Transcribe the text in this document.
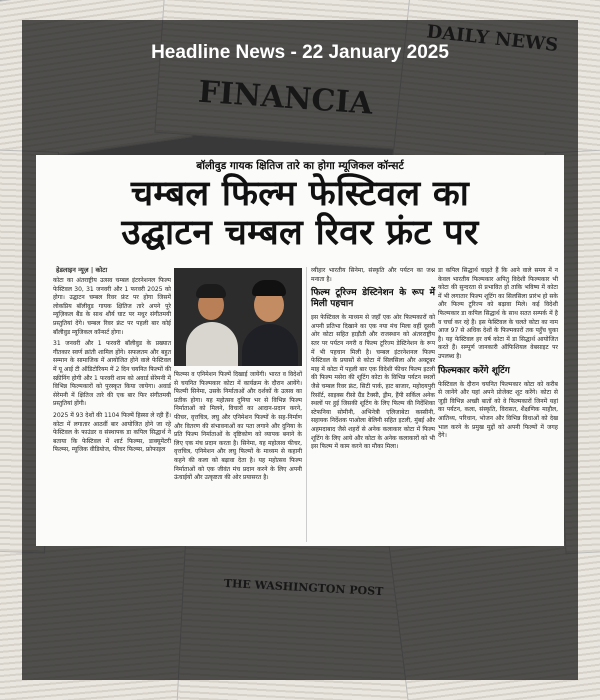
Headline News - 22 January 2025
बॉलीवुड गायक क्षितिज तारे का होगा म्यूजिकल कॉन्सर्ट
चम्बल फिल्म फेस्टिवल का
उद्घाटन चम्बल रिवर फ्रंट पर
हेडलाइन न्यूज़ | कोटा

कोटा का अंतराष्ट्रीय उत्सव चम्बल इंटरनेशनल फिल्म फेस्टिवल 30, 31 जनवरी और 1 फरवरी 2025 को होगा। उद्घाटन चम्बल रिवर फ्रंट पर होगा जिसमें लोकप्रिय बॉलीवुड गायक क्षितिज तारे अपने पूरे म्यूज़िकल बैंड के साथ शौर्य घाट पर मधुर संगीतमयी प्रस्तुतियां देंगे। चम्बल रिवर फ्रंट पर पहली बार कोई बॉलीवुड म्यूजिकल कॉन्सर्ट होगा।

31 जनवरी और 1 फरवरी बॉलीवुड के प्रख्यात गीतकार स्वर्ण क्रांती शामिल होंगे। सफलतम और बहुत सम्मान के सामाजिक में आयोजित होने वाले फेस्टिवल में यू आई टी ऑडिटोरियम में 2 दिन चयनित फिल्मों की स्क्रीनिंग होगी और 1 फरवरी शाम को अवार्ड सेरेमनी में विभिन्न फिल्मकारों को पुरस्कृत किया जायेगा। अवार्ड सेरेमनी में क्षितिज तारे की एक बार फिर संगीतमयी प्रस्तुतियां होंगी।

2025 में 93 देशों की 1104 फिल्में हिस्सा ले रही हैं। कोटा में लगातार आठवीं बार आयोजित होने जा रहे फेस्टिवल के फाउंडर व संस्थापक डा कपिल सिद्धार्थ ने बताया कि फेस्टिवल में शार्ट फिल्म्स, डाक्यूमेंटरी फिल्म्स, म्यूजिक वीडियोज, फीचर फिल्म्स, फ्रोफाइल

फिल्म्स व एनिमेशन फिल्में दिखाई जायेंगी। भारत व विदेशों से चयनित फिल्मकार कोटा में कार्यक्रम के दौरान आयेंगे। फिल्मी सिनेमा, उसके निर्माताओं और दर्शकों के उत्सव का प्रतीक होगा। यह महोत्सव दुनिया भर से विभिन्न फिल्म निर्माताओं को मिलने, विचारों का आदान-प्रदान करने, फीचर, वृत्तचित्र, लघु और एनिमेशन फिल्मों के सह-निर्माण और वितरण की संभावनाओं का पता लगाने और दुनिया के प्रति फिल्म निर्माताओं के दृष्टिकोण को व्यापक बनाने के लिए एक मंच प्रदान करता है। सिनेमा, यह महोत्सव फीचर, वृत्तचित्र, एनिमेशन और लघु फिल्मों के माध्यम से कहानी कहने की कला को बढ़ावा देता है। यह महोत्सव फिल्म निर्माताओं को एक जीवंत मंच प्रदान करने के लिए अपनी ऊंचाईयों और उत्कृष्टता की ओर प्रयासरत है।

व्यीहार भारतीय सिनेमा, संस्कृति और पर्यटन का जश्न मनाता है।

फिल्म टूरिज्म डेस्टिनेशन के रूप में मिली पहचान

इस फेस्टिवल के माध्यम से जहाँ एक ओर फिल्मकारों को अपनी प्रतिभा दिखाने का एक नया मंच मिला वहीं दूसरी ओर कोटा सहित हाड़ौती और राजस्थान को अंतरराष्ट्रीय स्तर पर पर्यटन नगरी व फिल्म टूरिज्म डेस्टिनेशन के रूप में भी पहचान मिली है। चम्बल इंटरनेशनल फिल्म फेस्टिवल के प्रयासों से कोटा में सिलसिला और अक्टूबर माह में कोटा में पहली बार एक विदेशी फीचर फिल्म इटली की फिल्म मसेरा की शूटिंग कोटा के विभिन्न पर्यटन स्थलों जैसे चम्बल रिवर फ्रंट, सिटी पार्क, हाट बाजार, महोदयपुरी रिसॉर्ट, साइक्स रीसो ग्रैंड टैक्सी, ड्रीम, हैंपी सर्किल अनेक स्थलों पर हुई जिसकी शूटिंग के लिए फिल्म की निर्देशिका स्टेफनिया सोमीनी, अभिनेत्री एलिजाबेटा कस्सीनी, सहायक निर्देशक पाओला बेलिनी सहित इटली, मुंबई और अहमदाबाद जैसे शहरों से अनेक कलाकार कोटा में फिल्म शूटिंग के लिए आये और कोटा के अनेक कलाकारों को भी इस फिल्म में काम करने का मौका मिला।

डा कपिल सिद्धार्थ चाहते हैं कि आने वाले समय में न केवल भारतीय फिल्मकार अपितु विदेशी फिल्मकार भी कोटा की सुन्दरता से प्रभावित हो ताकि भविष्य में कोटा में भी लगातार फिल्म शूटिंग का सिलसिला प्रारंभ हो सके और फिल्म टूरिज्म को बढ़ावा मिले। कई विदेशी फिल्मकार डा कपिल सिद्धार्थ के साथ सतत सम्पर्क में है व चर्चा कर रहे हैं। इस फेस्टिवल के चलते कोटा का नाम आज 97 से अधिक देशों के फिल्मकारों तक पहुँच चुका है। यह फेस्टिवल हर वर्ष कोटा में डा सिद्धार्थ आयोजित करते हैं। सम्पूर्ण जानकारी ऑफिशियल वेबसाइट पर उपलब्ध है।

फिल्मकार करेंगे शूटिंग

फेस्टिवल के दौरान चयनित फिल्मकार कोटा को करीब से जानेंगे और यहां अपने प्रोजेक्ट शूट करेंगे। कोटा से जुड़ी विभिन्न अच्छी बातों को वे फिल्मकारों जिनमें यहां का पर्यटन, कला, संस्कृति, विरासत, शैक्षणिक माहौल, आतिथ्य, परिधान, भोजन और विभिन्न विधाओं को देख भाल करने के प्रमुख मुद्दों को अपनी फिल्मों में जगह देंगे।
